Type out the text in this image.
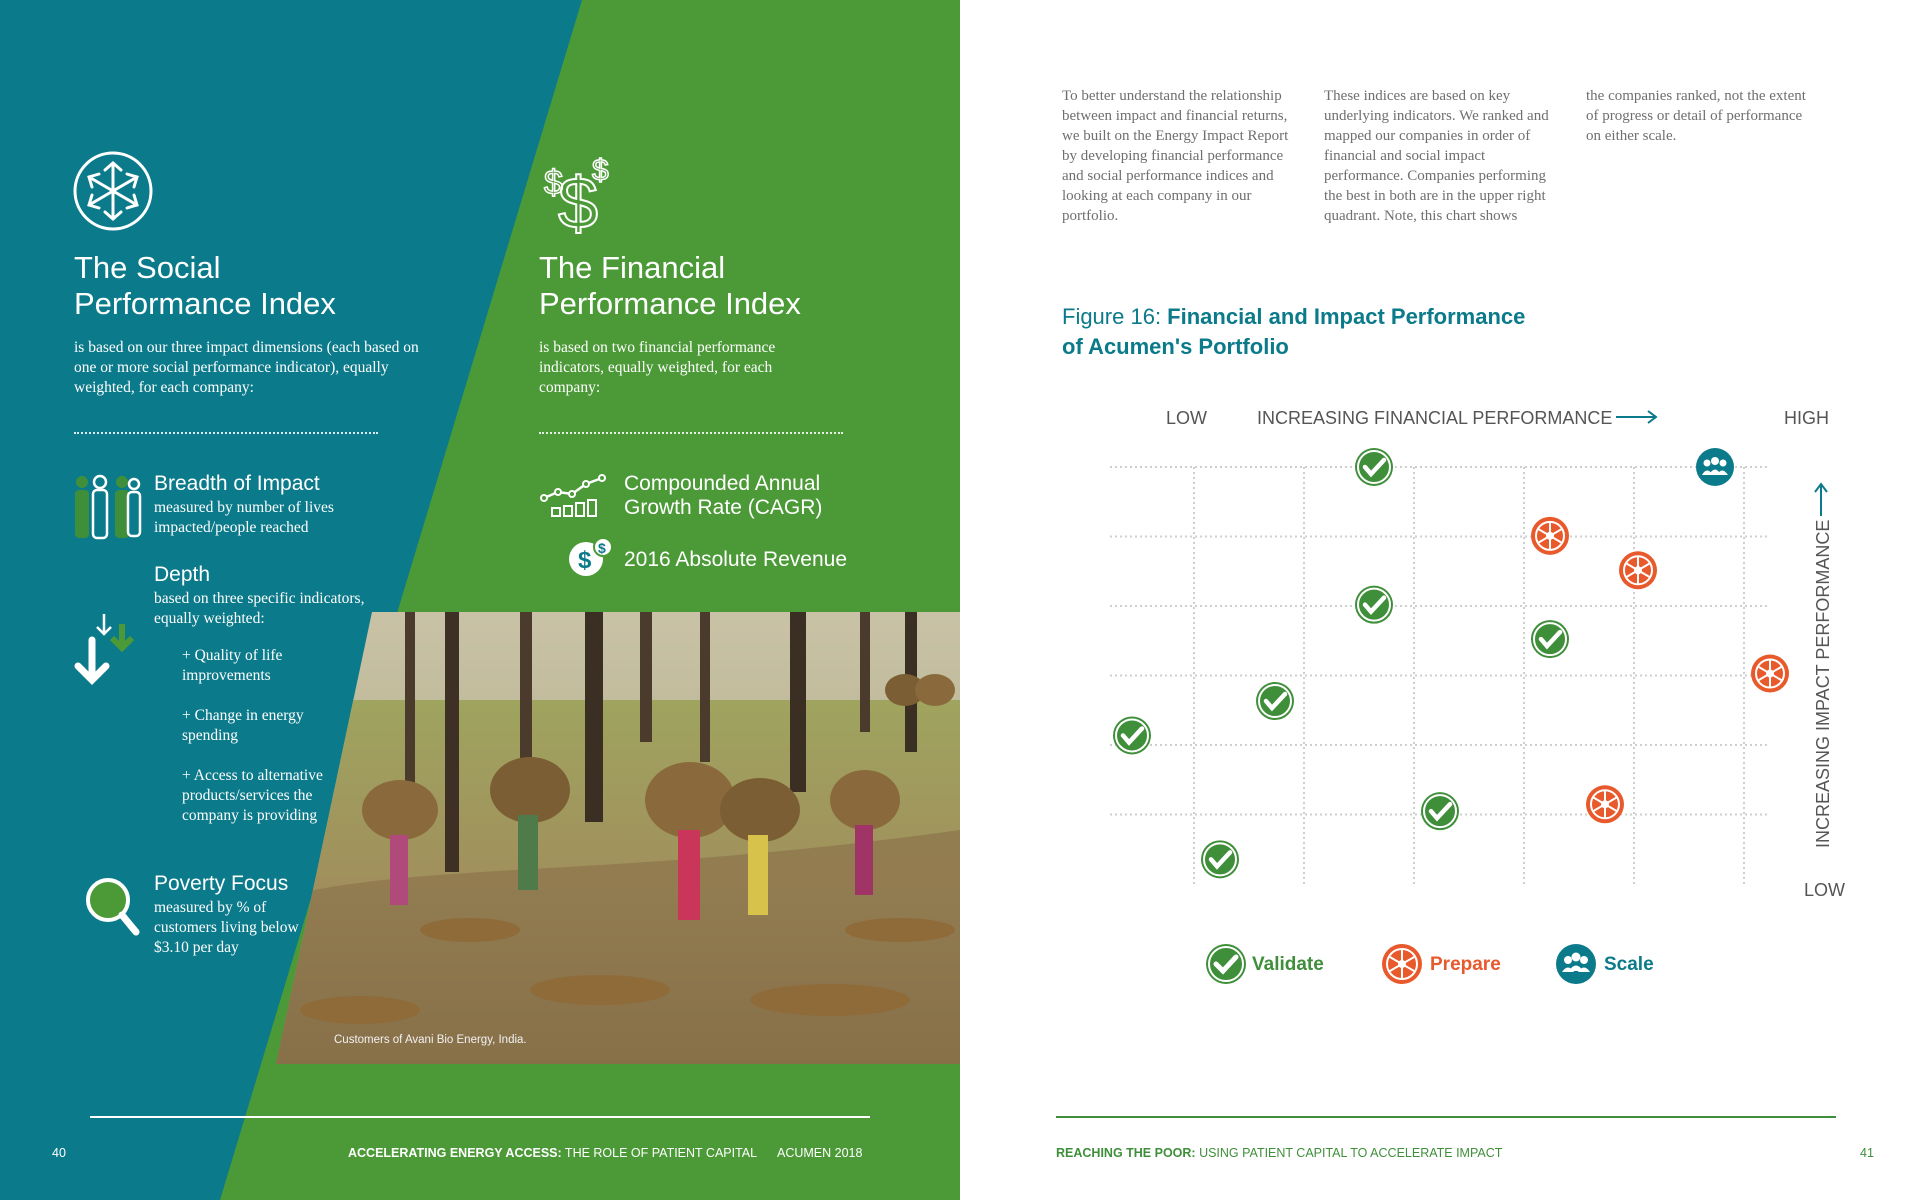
The Social
Performance Index
is based on our three impact dimensions (each based on one or more social performance indicator), equally weighted, for each company:
Breadth of Impact
measured by number of lives impacted/people reached
Depth
based on three specific indicators, equally weighted:
+ Quality of life improvements
+ Change in energy spending
+ Access to alternative products/services the company is providing
Poverty Focus
measured by % of customers living below $3.10 per day
$
$
$
The Financial
Performance Index
is based on two financial performance indicators, equally weighted, for each company:
Compounded Annual
Growth Rate (CAGR)
$ $ 2016 Absolute Revenue
Customers of Avani Bio Energy, India.
40	ACCELERATING ENERGY ACCESS: THE ROLE OF PATIENT CAPITAL ACUMEN 2018
To better understand the relationship between impact and financial returns, we built on the Energy Impact Report by developing financial performance and social performance indices and looking at each company in our portfolio.
These indices are based on key underlying indicators. We ranked and mapped our companies in order of financial and social impact performance. Companies performing the best in both are in the upper right quadrant. Note, this chart shows
the companies ranked, not the extent of progress or detail of performance on either scale.
Figure 16: Financial and Impact Performance
of Acumen's Portfolio
LOW	INCREASING FINANCIAL PERFORMANCE	HIGH
INCREASING IMPACT PERFORMANCE
LOW
Validate	Prepare	Scale
REACHING THE POOR: USING PATIENT CAPITAL TO ACCELERATE IMPACT	41
